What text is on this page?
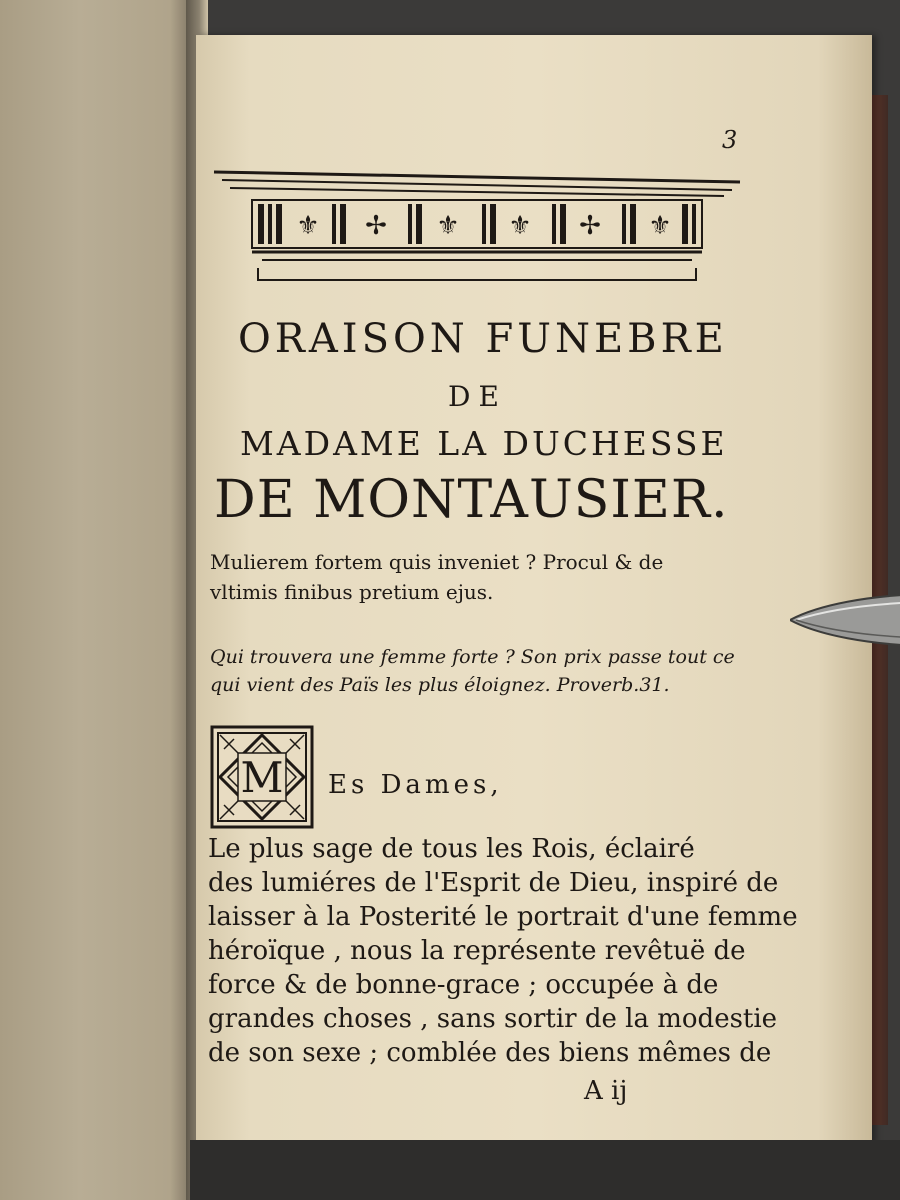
3

⚜ ✢ ⚜ ⚜ ✢ ⚜

ORAISON FUNEBRE

DE

MADAME LA DUCHESSE

DE MONTAUSIER.

Mulierem fortem quis inveniet ? Procul & de

vltimis finibus pretium ejus.

Qui trouvera une femme forte ? Son prix passe tout ce

qui vient des Païs les plus éloignez. Proverb.31.

M Es Dames,

Le plus sage de tous les Rois, éclairé

des lumiéres de l'Esprit de Dieu, inspiré de

laisser à la Posterité le portrait d'une femme

héroïque , nous la représente revêtuë de

force & de bonne-grace ; occupée à de

grandes choses , sans sortir de la modestie

de son sexe ; comblée des biens mêmes de

A ij
